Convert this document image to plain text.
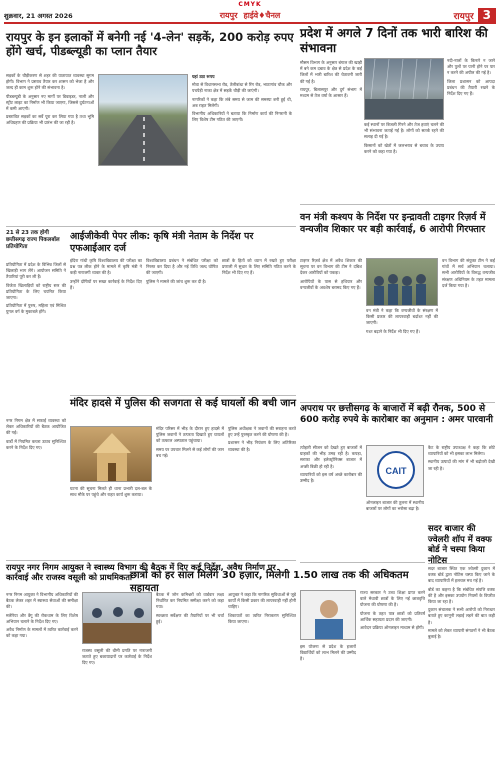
CMYK
शुक्रवार, 21 अगस्त 2026	रायपुर हाईवे♦चैनल	रायपुर 3
रायपुर के इन इलाकों में बनेगी नई '4-लेन' सड़कें, 200 करोड़ रुपए होंगे खर्च, पीडब्ल्यूडी का प्लान तैयार
प्रदेश में अगले 7 दिनों तक भारी बारिश की संभावना

सड़कों के चौड़ीकरण से शहर की यातायात व्यवस्था सुगम होगी। विभाग ने प्रस्ताव तैयार कर शासन को भेजा है और जल्द ही काम शुरू होने की संभावना है।

पीडब्ल्यूडी के अनुसार नए मार्गों पर डिवाइडर, नाली और स्ट्रीट लाइट का निर्माण भी किया जाएगा, जिससे दुर्घटनाओं में कमी आएगी।

प्रस्तावित सड़कों का सर्वे पूरा कर लिया गया है तथा भूमि अधिग्रहण की प्रक्रिया भी प्रारंभ की जा रही है।

यहां उठा रूपय

मोवा से विधानसभा रोड, तेलीबांधा से रिंग रोड, भाठागांव चौक और पचपेड़ी नाका क्षेत्र में सड़कें चौड़ी की जाएंगी।

नागरिकों ने कहा कि लंबे समय से जाम की समस्या बनी हुई थी, अब राहत मिलेगी।

विभागीय अधिकारियों ने बताया कि निर्माण कार्य की निगरानी के लिए विशेष टीम गठित की जाएगी।

मौसम विभाग के अनुसार बंगाल की खाड़ी में बने कम दबाव के क्षेत्र से प्रदेश के कई जिलों में भारी बारिश की चेतावनी जारी की गई है।

रायपुर, बिलासपुर और दुर्ग संभाग में मध्यम से तेज वर्षा के आसार हैं।

कई स्थानों पर बिजली गिरने और तेज हवाएं चलने की भी संभावना जताई गई है। लोगों को सतर्क रहने की सलाह दी गई है।

किसानों को खेतों में जलभराव से बचाव के उपाय करने को कहा गया है।

नदी-नालों के किनारे न जाने और पुलों पर पानी होने पर पार न करने की अपील की गई है।

जिला प्रशासन को आपदा प्रबंधन की तैयारी रखने के निर्देश दिए गए हैं।

21 से 23 तक होगी छत्तीसगढ़ राज्य पिकलबॉल प्रतियोगिता

प्रतियोगिता में प्रदेश के विभिन्न जिलों से खिलाड़ी भाग लेंगे। आयोजन समिति ने तैयारियां पूरी कर ली हैं।

विजेता खिलाड़ियों को राष्ट्रीय स्तर की प्रतियोगिता के लिए चयनित किया जाएगा।

प्रतियोगिता में पुरुष, महिला एवं मिश्रित युगल वर्ग के मुकाबले होंगे।

आईजीकेवी पेपर लीक: कृषि मंत्री नेताम के निर्देश पर एफआईआर दर्ज

इंदिरा गांधी कृषि विश्वविद्यालय की परीक्षा का प्रश्न पत्र लीक होने के मामले में कृषि मंत्री ने कड़ी नाराजगी व्यक्त की है।

उन्होंने दोषियों पर सख्त कार्रवाई के निर्देश दिए हैं।

विश्वविद्यालय प्रबंधन ने संबंधित परीक्षा को निरस्त कर दिया है और नई तिथि जल्द घोषित की जाएगी।

पुलिस ने मामले की जांच शुरू कर दी है।

छात्रों के हितों को ध्यान में रखते हुए परीक्षा प्रणाली में सुधार के लिए समिति गठित करने के निर्देश भी दिए गए हैं।

वन मंत्री कश्यप के निर्देश पर इन्द्रावती टाइगर रिज़र्व में वन्यजीव शिकार पर बड़ी कार्रवाई, 6 आरोपी गिरफ्तार

टाइगर रिज़र्व क्षेत्र में अवैध शिकार की सूचना पर वन विभाग की टीम ने दबिश देकर आरोपियों को पकड़ा।

आरोपियों के पास से हथियार और वन्यजीवों के अवशेष बरामद किए गए हैं।

वन मंत्री ने कहा कि वन्यजीवों के संरक्षण में किसी प्रकार की लापरवाही बर्दाश्त नहीं की जाएगी।

गश्त बढ़ाने के निर्देश भी दिए गए हैं।

वन विभाग की संयुक्त टीम ने कई गांवों में सर्च अभियान चलाया। सभी आरोपियों के विरुद्ध वन्यजीव संरक्षण अधिनियम के तहत मामला दर्ज किया गया है।

मंदिर हादसे में पुलिस की सजगता से कई घायलों की बची जान

मंदिर परिसर में भीड़ के दौरान हुए हादसे में पुलिस जवानों ने तत्परता दिखाते हुए घायलों को तत्काल अस्पताल पहुंचाया।

समय पर उपचार मिलने से कई लोगों की जान बच गई।

पुलिस अधीक्षक ने जवानों की सराहना करते हुए उन्हें पुरस्कृत करने की घोषणा की है।

प्रशासन ने भीड़ नियंत्रण के लिए अतिरिक्त व्यवस्था की है।

घटना की सूचना मिलते ही थाना प्रभारी दल-बल के साथ मौके पर पहुंचे और राहत कार्य शुरू कराया।

नगर निगम क्षेत्र में सफाई व्यवस्था को लेकर अधिकारियों की बैठक आयोजित की गई।

वार्डों में नियमित कचरा उठाव सुनिश्चित करने के निर्देश दिए गए।

अपराध पर छत्तीसगढ़ के बाजारों में बढ़ी रौनक, 500 से 600 करोड़ रुपये के कारोबार का अनुमान : अमर पारवानी

त्योहारी सीजन को देखते हुए बाजारों में ग्राहकों की भीड़ उमड़ रही है। कपड़ा, सराफा और इलेक्ट्रॉनिक्स बाजार में अच्छी बिक्री हो रही है।

व्यापारियों को इस वर्ष अच्छे कारोबार की उम्मीद है।

CAIT

कैट के राष्ट्रीय उपाध्यक्ष ने कहा कि छोटे व्यापारियों को भी इसका लाभ मिलेगा।

स्थानीय उत्पादों की मांग में भी बढ़ोतरी देखी जा रही है।

ऑनलाइन बाजार की तुलना में स्थानीय बाजारों पर लोगों का भरोसा बढ़ा है।

सदर बाजार की ज्वेलरी शॉप में वक्फ बोर्ड ने चस्पा किया नोटिस

सदर बाजार स्थित एक ज्वेलरी दुकान में वक्फ बोर्ड द्वारा नोटिस चस्पा किए जाने के बाद व्यापारियों में हलचल मच गई है।

बोर्ड का कहना है कि संबंधित संपत्ति वक्फ की है और इसका उपयोग नियमों के विपरीत किया जा रहा है।

दुकान संचालक ने सभी आरोपों को निराधार बताते हुए कानूनी लड़ाई लड़ने की बात कही है।

मामले को लेकर व्यापारी संगठनों ने भी बैठक बुलाई है।

रायपुर नगर निगम आयुक्त ने स्वास्थ्य विभाग की बैठक में दिए कई निर्देश, अवैध निर्माण पर कार्रवाई और राजस्व वसूली को प्राथमिकता

नगर निगम आयुक्त ने विभागीय अधिकारियों की बैठक लेकर शहर में स्वास्थ्य सेवाओं की समीक्षा की।

मलेरिया और डेंगू की रोकथाम के लिए विशेष अभियान चलाने के निर्देश दिए गए।

अवैध निर्माण के मामलों में त्वरित कार्रवाई करने को कहा गया।

राजस्व वसूली की धीमी प्रगति पर नाराजगी जताते हुए बकायादारों पर कार्रवाई के निर्देश दिए गए।

बैठक में जोन कमिश्नरों को वार्डवार लक्ष्य निर्धारित कर नियमित समीक्षा करने को कहा गया।

स्वच्छता सर्वेक्षण की तैयारियों पर भी चर्चा हुई।

आयुक्त ने कहा कि नागरिक सुविधाओं से जुड़े कार्यों में किसी प्रकार की लापरवाही नहीं होनी चाहिए।

शिकायतों का त्वरित निराकरण सुनिश्चित किया जाएगा।

छात्रों को हर साल मिलेंगे 30 हज़ार, मिलेगी 1.50 लाख तक की अधिकतम सहायता	राज्य सरकार ने उच्च शिक्षा प्राप्त करने वाले मेधावी छात्रों के लिए नई छात्रवृत्ति योजना की घोषणा की है।

योजना के तहत पात्र छात्रों को प्रतिवर्ष आर्थिक सहायता प्रदान की जाएगी।

आवेदन प्रक्रिया ऑनलाइन माध्यम से होगी।

इस योजना से प्रदेश के हजारों विद्यार्थियों को लाभ मिलने की उम्मीद है।
